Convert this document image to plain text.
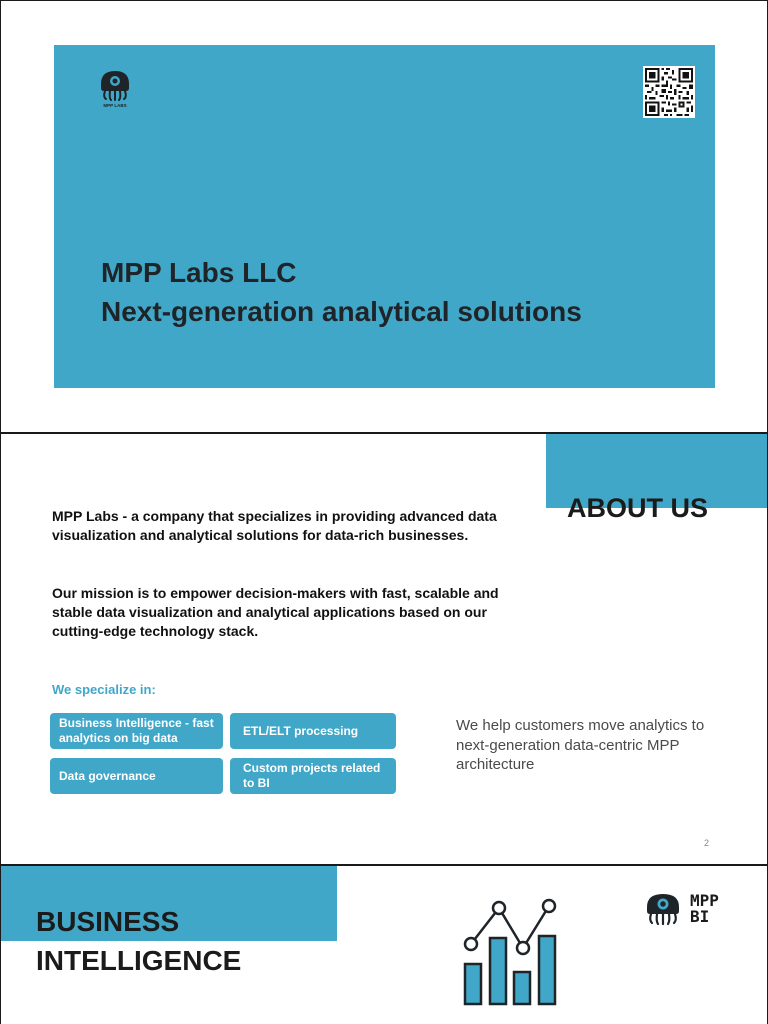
MPP LABS
MPP Labs LLC
Next-generation analytical solutions
ABOUT US
MPP Labs - a company that specializes in providing advanced data visualization and analytical solutions for data-rich businesses.
Our mission is to empower decision-makers with fast, scalable and stable data visualization and analytical applications based on our cutting-edge technology stack.
We specialize in:
Business Intelligence - fast analytics on big data
ETL/ELT processing
Data governance
Custom projects related to BI
We help customers move analytics to next-generation data-centric MPP architecture
2
BUSINESS
INTELLIGENCE
MPP
BI
